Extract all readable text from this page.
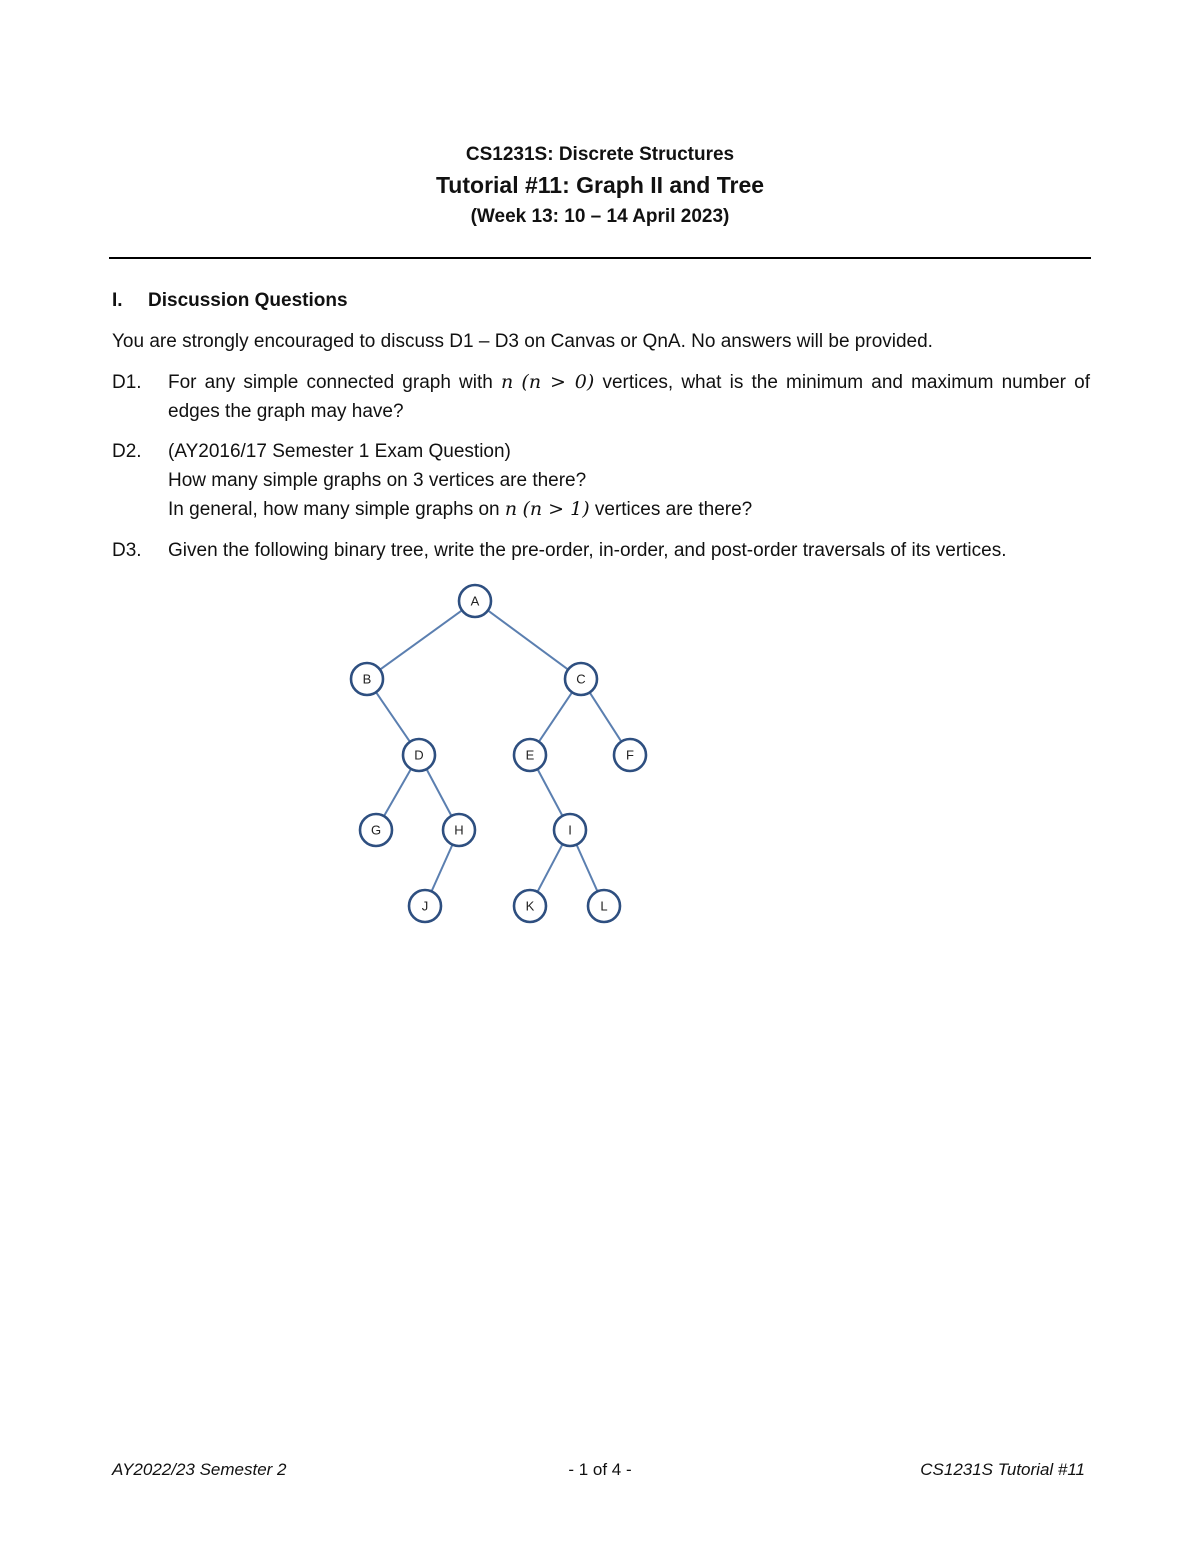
CS1231S: Discrete Structures
Tutorial #11: Graph II and Tree
(Week 13: 10 – 14 April 2023)
I. Discussion Questions
You are strongly encouraged to discuss D1 – D3 on Canvas or QnA. No answers will be provided.
D1. For any simple connected graph with n (n > 0) vertices, what is the minimum and maximum number of edges the graph may have?
D2. (AY2016/17 Semester 1 Exam Question)
How many simple graphs on 3 vertices are there?
In general, how many simple graphs on n (n > 1) vertices are there?
D3. Given the following binary tree, write the pre-order, in-order, and post-order traversals of its vertices.
A
B	C
D	E	F
G	H	I
J	K	L
AY2022/23 Semester 2	- 1 of 4 -	CS1231S Tutorial #11
